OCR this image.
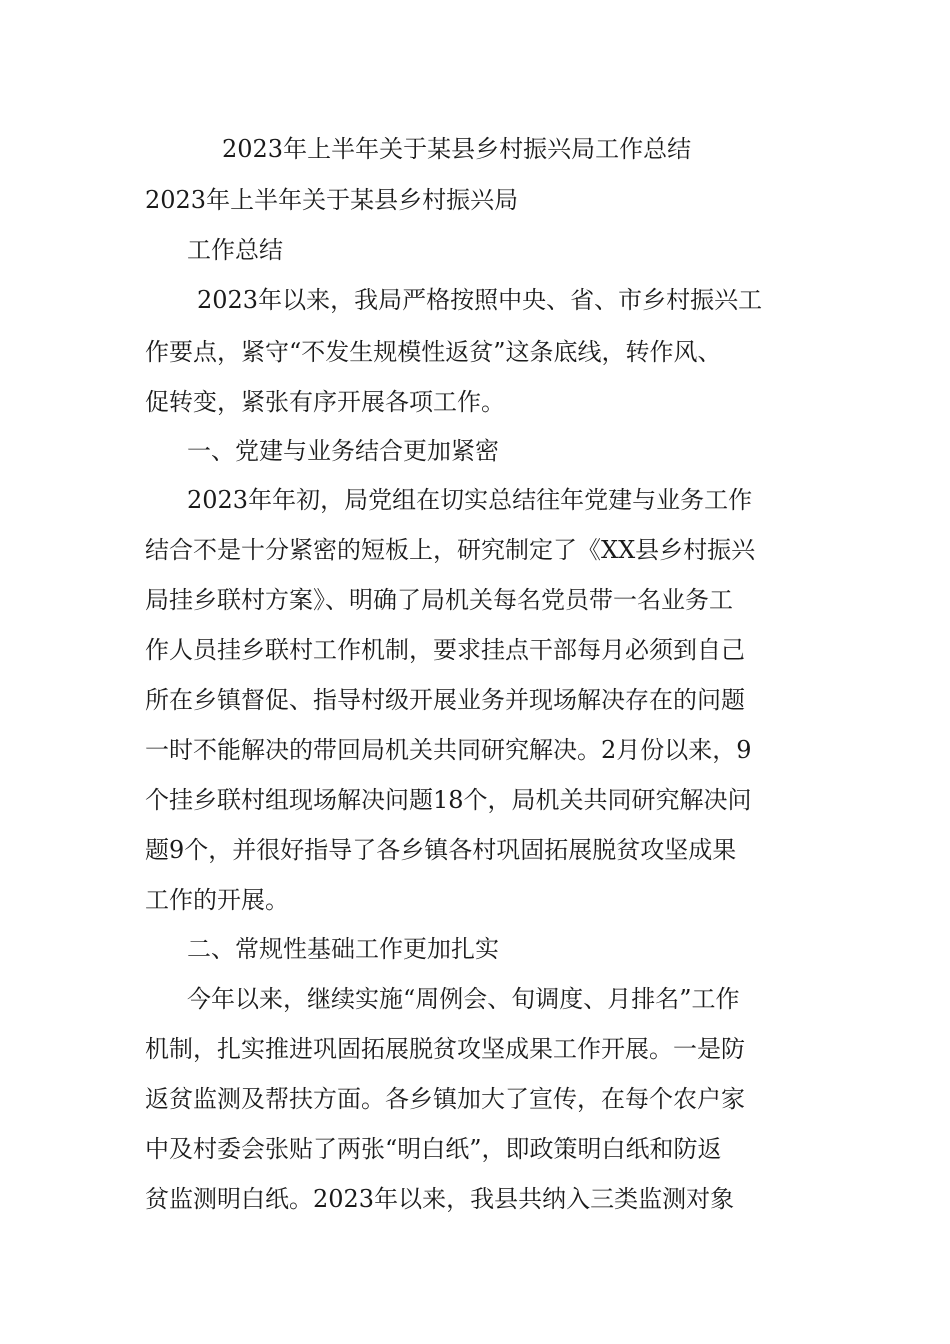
2023年上半年关于某县乡村振兴局工作总结
2023年上半年关于某县乡村振兴局
工作总结
2023年以来，我局严格按照中央、省、市乡村振兴工
作要点，紧守“不发生规模性返贫”这条底线，转作风、
促转变，紧张有序开展各项工作。
一、党建与业务结合更加紧密
2023年年初，局党组在切实总结往年党建与业务工作
结合不是十分紧密的短板上，研究制定了《XX县乡村振兴
局挂乡联村方案》、明确了局机关每名党员带一名业务工
作人员挂乡联村工作机制，要求挂点干部每月必须到自己
所在乡镇督促、指导村级开展业务并现场解决存在的问题
一时不能解决的带回局机关共同研究解决。2月份以来，9
个挂乡联村组现场解决问题18个，局机关共同研究解决问
题9个，并很好指导了各乡镇各村巩固拓展脱贫攻坚成果
工作的开展。
二、常规性基础工作更加扎实
今年以来，继续实施“周例会、旬调度、月排名”工作
机制，扎实推进巩固拓展脱贫攻坚成果工作开展。一是防
返贫监测及帮扶方面。各乡镇加大了宣传，在每个农户家
中及村委会张贴了两张“明白纸”，即政策明白纸和防返
贫监测明白纸。2023年以来，我县共纳入三类监测对象
